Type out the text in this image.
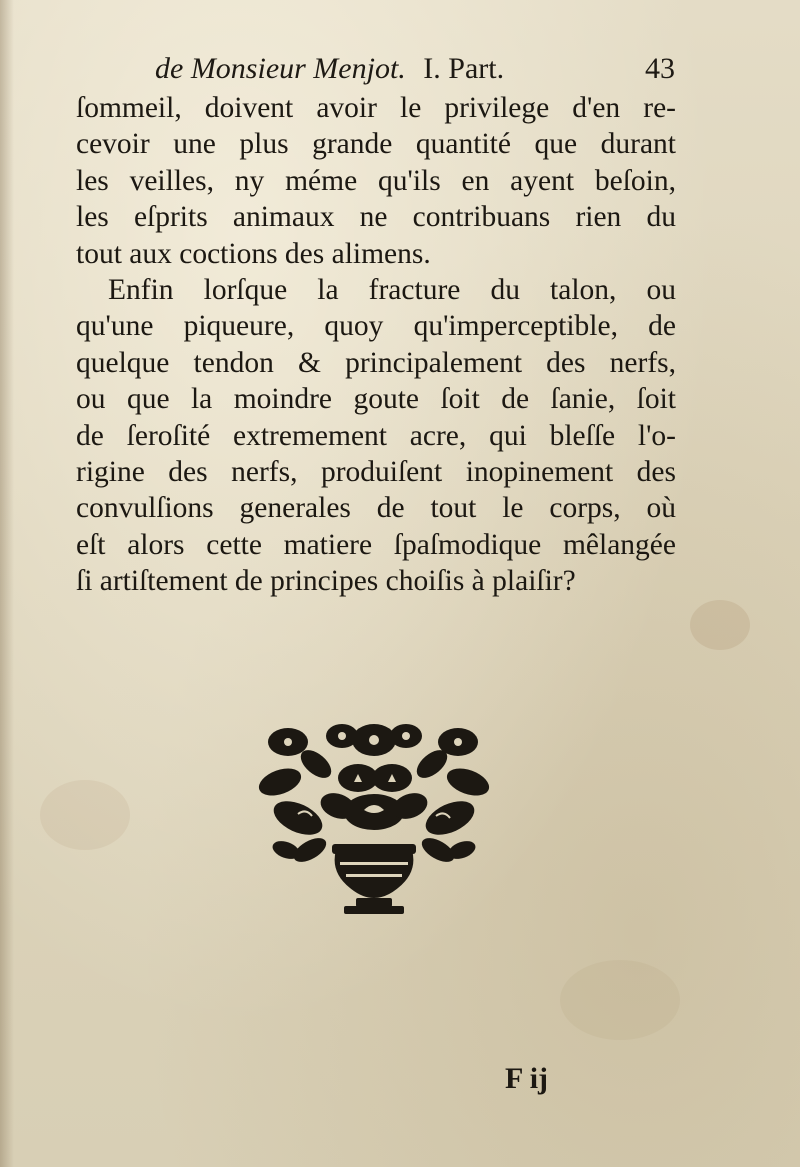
de Monsieur Menjot. I. Part.	43
ſommeil, doivent avoir le privilege d'en re-
cevoir une plus grande quantité que durant
les veilles, ny méme qu'ils en ayent beſoin,
les eſprits animaux ne contribuans rien du
tout aux coctions des alimens.
Enfin lorſque la fracture du talon, ou
qu'une piqueure, quoy qu'imperceptible, de
quelque tendon & principalement des nerfs,
ou que la moindre goute ſoit de ſanie, ſoit
de ſeroſité extremement acre, qui bleſſe l'o-
rigine des nerfs, produiſent inopinement des
convulſions generales de tout le corps, où
eſt alors cette matiere ſpaſmodique mêlangée
ſi artiſtement de principes choiſis à plaiſir?
F ij
